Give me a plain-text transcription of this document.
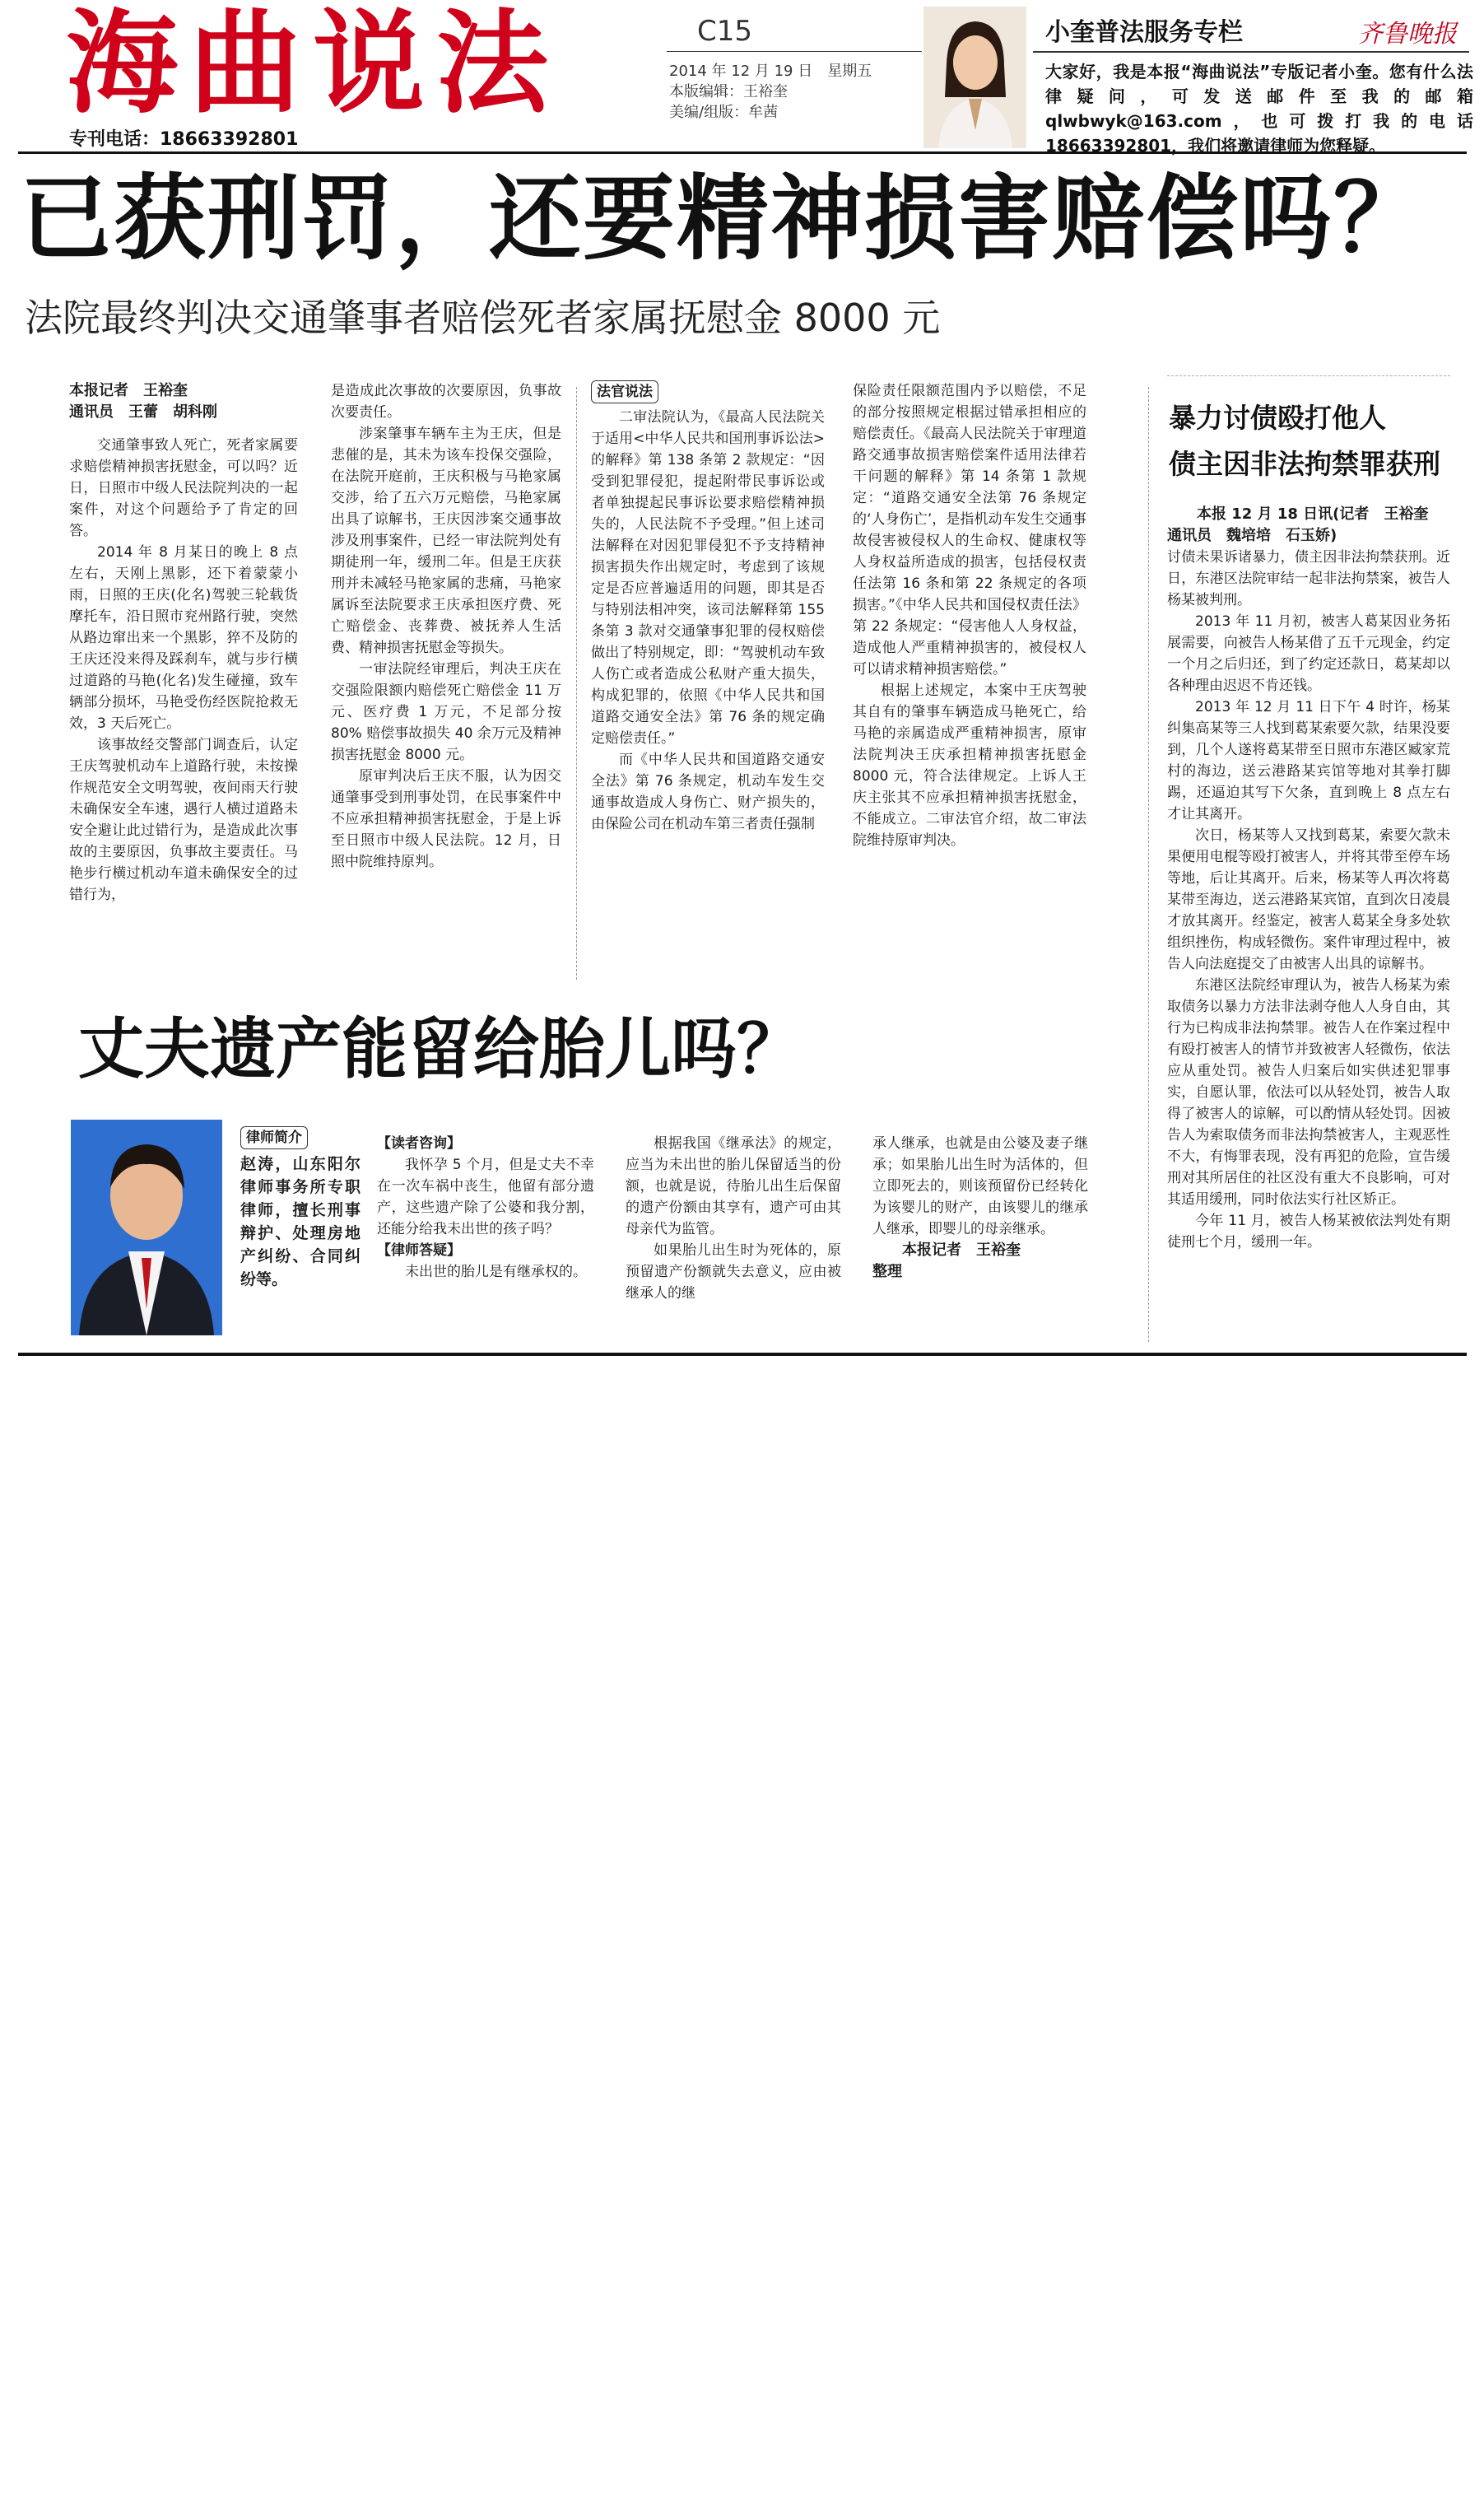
海曲说法
专刊电话：18663392801
C15
2014 年 12 月 19 日　星期五
本版编辑：王裕奎
美编/组版：牟茜
小奎普法服务专栏	齐鲁晚报
大家好，我是本报“海曲说法”专版记者小奎。您有什么法律疑问，可发送邮件至我的邮箱 qlwbwyk@163.com，也可拨打我的电话 18663392801，我们将邀请律师为您释疑。
已获刑罚，还要精神损害赔偿吗？
法院最终判决交通肇事者赔偿死者家属抚慰金 8000 元
本报记者　王裕奎
通讯员　王蕾　胡科刚

交通肇事致人死亡，死者家属要求赔偿精神损害抚慰金，可以吗？近日，日照市中级人民法院判决的一起案件，对这个问题给予了肯定的回答。

2014 年 8 月某日的晚上 8 点左右，天刚上黑影，还下着蒙蒙小雨，日照的王庆(化名)驾驶三轮载货摩托车，沿日照市兖州路行驶，突然从路边窜出来一个黑影，猝不及防的王庆还没来得及踩刹车，就与步行横过道路的马艳(化名)发生碰撞，致车辆部分损坏，马艳受伤经医院抢救无效，3 天后死亡。

该事故经交警部门调查后，认定王庆驾驶机动车上道路行驶，未按操作规范安全文明驾驶，夜间雨天行驶未确保安全车速，遇行人横过道路未安全避让此过错行为，是造成此次事故的主要原因，负事故主要责任。马艳步行横过机动车道未确保安全的过错行为，

是造成此次事故的次要原因，负事故次要责任。

涉案肇事车辆车主为王庆，但是悲催的是，其未为该车投保交强险，在法院开庭前，王庆积极与马艳家属交涉，给了五六万元赔偿，马艳家属出具了谅解书，王庆因涉案交通事故涉及刑事案件，已经一审法院判处有期徒刑一年，缓刑二年。但是王庆获刑并未减轻马艳家属的悲痛，马艳家属诉至法院要求王庆承担医疗费、死亡赔偿金、丧葬费、被抚养人生活费、精神损害抚慰金等损失。

一审法院经审理后，判决王庆在交强险限额内赔偿死亡赔偿金 11 万元、医疗费 1 万元，不足部分按 80% 赔偿事故损失 40 余万元及精神损害抚慰金 8000 元。

原审判决后王庆不服，认为因交通肇事受到刑事处罚，在民事案件中不应承担精神损害抚慰金，于是上诉至日照市中级人民法院。12 月，日照中院维持原判。

法官说法

二审法院认为，《最高人民法院关于适用<中华人民共和国刑事诉讼法>的解释》第 138 条第 2 款规定：“因受到犯罪侵犯，提起附带民事诉讼或者单独提起民事诉讼要求赔偿精神损失的，人民法院不予受理。”但上述司法解释在对因犯罪侵犯不予支持精神损害损失作出规定时，考虑到了该规定是否应普遍适用的问题，即其是否与特别法相冲突，该司法解释第 155 条第 3 款对交通肇事犯罪的侵权赔偿做出了特别规定，即：“驾驶机动车致人伤亡或者造成公私财产重大损失，构成犯罪的，依照《中华人民共和国道路交通安全法》第 76 条的规定确定赔偿责任。”

而《中华人民共和国道路交通安全法》第 76 条规定，机动车发生交通事故造成人身伤亡、财产损失的，由保险公司在机动车第三者责任强制

保险责任限额范围内予以赔偿，不足的部分按照规定根据过错承担相应的赔偿责任。《最高人民法院关于审理道路交通事故损害赔偿案件适用法律若干问题的解释》第 14 条第 1 款规定：“道路交通安全法第 76 条规定的‘人身伤亡’，是指机动车发生交通事故侵害被侵权人的生命权、健康权等人身权益所造成的损害，包括侵权责任法第 16 条和第 22 条规定的各项损害。”《中华人民共和国侵权责任法》第 22 条规定：“侵害他人人身权益，造成他人严重精神损害的，被侵权人可以请求精神损害赔偿。”

根据上述规定，本案中王庆驾驶其自有的肇事车辆造成马艳死亡，给马艳的亲属造成严重精神损害，原审法院判决王庆承担精神损害抚慰金 8000 元，符合法律规定。上诉人王庆主张其不应承担精神损害抚慰金，不能成立。二审法官介绍，故二审法院维持原审判决。

暴力讨债殴打他人
债主因非法拘禁罪获刑
本报 12 月 18 日讯(记者　王裕奎　
通讯员　魏培培　石玉娇)

讨债未果诉诸暴力，债主因非法拘禁获刑。近日，东港区法院审结一起非法拘禁案，被告人杨某被判刑。

2013 年 11 月初，被害人葛某因业务拓展需要，向被告人杨某借了五千元现金，约定一个月之后归还，到了约定还款日，葛某却以各种理由迟迟不肯还钱。

2013 年 12 月 11 日下午 4 时许，杨某纠集高某等三人找到葛某索要欠款，结果没要到，几个人遂将葛某带至日照市东港区臧家荒村的海边，送云港路某宾馆等地对其拳打脚踢，还逼迫其写下欠条，直到晚上 8 点左右才让其离开。

次日，杨某等人又找到葛某，索要欠款未果便用电棍等殴打被害人，并将其带至停车场等地，后让其离开。后来，杨某等人再次将葛某带至海边，送云港路某宾馆，直到次日凌晨才放其离开。经鉴定，被害人葛某全身多处软组织挫伤，构成轻微伤。案件审理过程中，被告人向法庭提交了由被害人出具的谅解书。

东港区法院经审理认为，被告人杨某为索取债务以暴力方法非法剥夺他人人身自由，其行为已构成非法拘禁罪。被告人在作案过程中有殴打被害人的情节并致被害人轻微伤，依法应从重处罚。被告人归案后如实供述犯罪事实，自愿认罪，依法可以从轻处罚，被告人取得了被害人的谅解，可以酌情从轻处罚。因被告人为索取债务而非法拘禁被害人，主观恶性不大，有悔罪表现，没有再犯的危险，宣告缓刑对其所居住的社区没有重大不良影响，可对其适用缓刑，同时依法实行社区矫正。

今年 11 月，被告人杨某被依法判处有期徒刑七个月，缓刑一年。

丈夫遗产能留给胎儿吗？
律师简介
赵涛，山东阳尔律师事务所专职律师，擅长刑事辩护、处理房地产纠纷、合同纠纷等。
【读者咨询】

我怀孕 5 个月，但是丈夫不幸在一次车祸中丧生，他留有部分遗产，这些遗产除了公婆和我分割，还能分给我未出世的孩子吗？

【律师答疑】

未出世的胎儿是有继承权的。

根据我国《继承法》的规定，应当为未出世的胎儿保留适当的份额，也就是说，待胎儿出生后保留的遗产份额由其享有，遗产可由其母亲代为监管。

如果胎儿出生时为死体的，原预留遗产份额就失去意义，应由被继承人的继

承人继承，也就是由公婆及妻子继承；如果胎儿出生时为活体的，但立即死去的，则该预留份已经转化为该婴儿的财产，由该婴儿的继承人继承，即婴儿的母亲继承。

本报记者　王裕奎
整理
